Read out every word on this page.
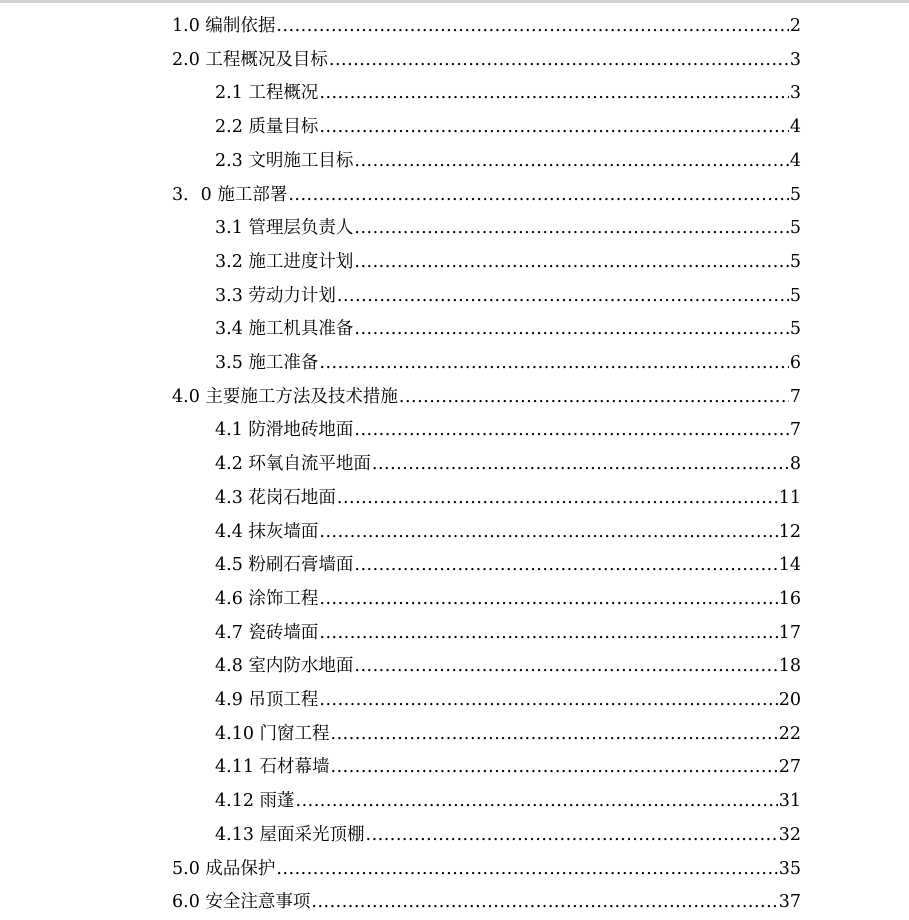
1.0 编制依据 .....	2
2.0 工程概况及目标 .....	3
2.1 工程概况 .....	3
2.2 质量目标 .....	4
2.3 文明施工目标 .....	4
3．0 施工部署 .....	5
3.1 管理层负责人 .....	5
3.2 施工进度计划 .....	5
3.3 劳动力计划 .....	5
3.4 施工机具准备 .....	5
3.5 施工准备 .....	6
4.0 主要施工方法及技术措施 .....	7
4.1 防滑地砖地面 .....	7
4.2 环氧自流平地面 .....	8
4.3 花岗石地面 .....	11
4.4 抹灰墙面 .....	12
4.5 粉刷石膏墙面 .....	14
4.6 涂饰工程 .....	16
4.7 瓷砖墙面 .....	17
4.8 室内防水地面 .....	18
4.9 吊顶工程 .....	20
4.10 门窗工程 .....	22
4.11 石材幕墙 .....	27
4.12 雨蓬 .....	31
4.13 屋面采光顶棚 .....	32
5.0 成品保护 .....	35
6.0 安全注意事项 .....	37
